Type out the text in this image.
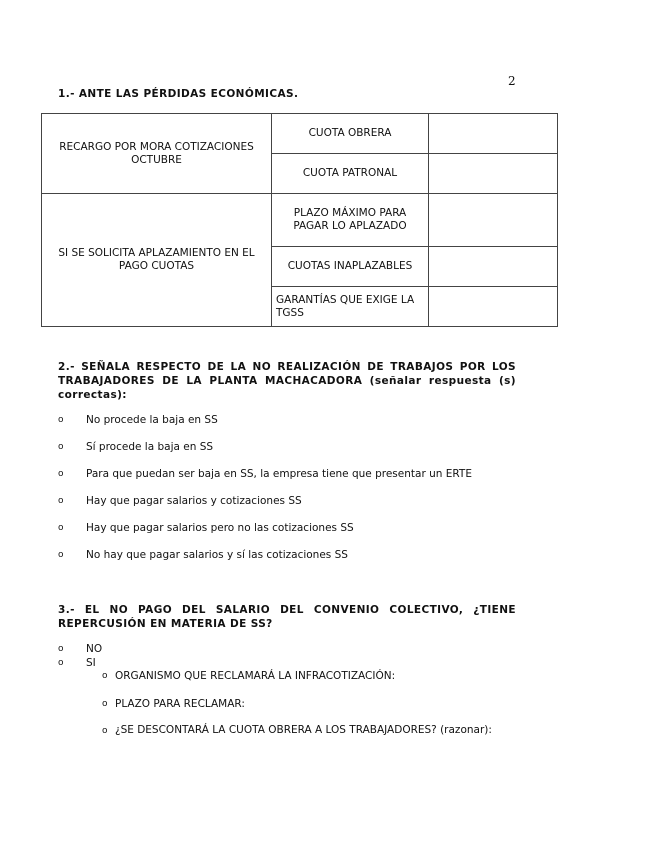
2
1.- ANTE LAS PÉRDIDAS ECONÓMICAS.
RECARGO POR MORA COTIZACIONES OCTUBRE	CUOTA OBRERA	
	CUOTA PATRONAL	
SI SE SOLICITA APLAZAMIENTO EN EL PAGO CUOTAS	PLAZO MÁXIMO PARA PAGAR LO APLAZADO	
	CUOTAS INAPLAZABLES	
	GARANTÍAS QUE EXIGE LA TGSS	
2.- SEÑALA RESPECTO DE LA NO REALIZACIÓN DE TRABAJOS POR LOS TRABAJADORES DE LA PLANTA MACHACADORA (señalar respuesta (s) correctas):
o No procede la baja en SS
o Sí procede la baja en SS
o Para que puedan ser baja en SS, la empresa tiene que presentar un ERTE
o Hay que pagar salarios y cotizaciones SS
o Hay que pagar salarios pero no las cotizaciones SS
o No hay que pagar salarios y sí las cotizaciones SS
3.- EL NO PAGO DEL SALARIO DEL CONVENIO COLECTIVO, ¿TIENE REPERCUSIÓN EN MATERIA DE SS?
o NO
o SI
o ORGANISMO QUE RECLAMARÁ LA INFRACOTIZACIÓN:
o PLAZO PARA RECLAMAR:
o ¿SE DESCONTARÁ LA CUOTA OBRERA A LOS TRABAJADORES? (razonar):
